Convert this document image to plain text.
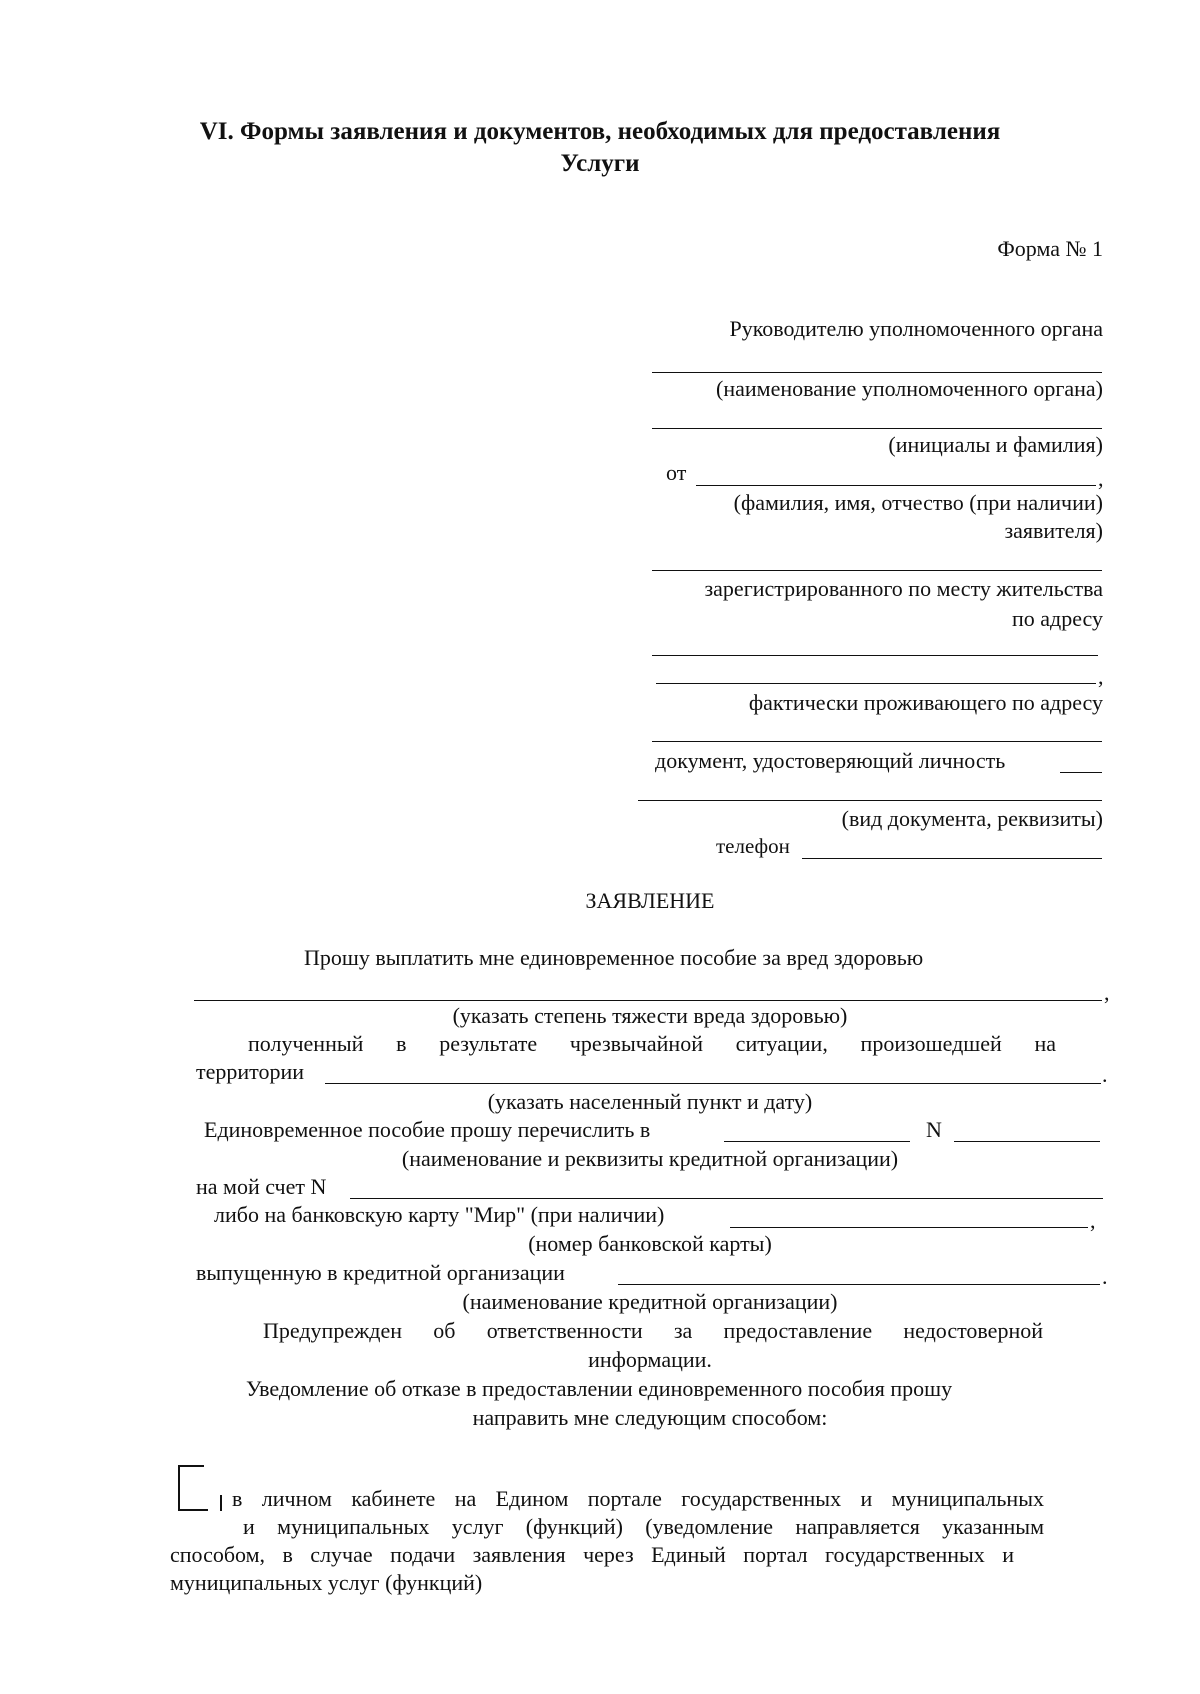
VI. Формы заявления и документов, необходимых для предоставления
Услуги
Форма № 1
Руководителю уполномоченного органа
(наименование уполномоченного органа)
(инициалы и фамилия)
от	,
(фамилия, имя, отчество (при наличии)
заявителя)
зарегистрированного по месту жительства
по адресу
,
фактически проживающего по адресу
документ, удостоверяющий личность
(вид документа, реквизиты)
телефон
ЗАЯВЛЕНИЕ
Прошу выплатить мне единовременное пособие за вред здоровью
,
(указать степень тяжести вреда здоровью)
полученный в результате чрезвычайной ситуации, произошедшей на
территории	.
(указать населенный пункт и дату)
Единовременное пособие прошу перечислить в	N
(наименование и реквизиты кредитной организации)
на мой счет N
либо на банковскую карту "Мир" (при наличии)	,
(номер банковской карты)
выпущенную в кредитной организации	.
(наименование кредитной организации)
Предупрежден об ответственности за предоставление недостоверной
информации.
Уведомление об отказе в предоставлении единовременного пособия прошу
направить мне следующим способом:
в личном кабинете на Едином портале государственных и муниципальных
и муниципальных услуг (функций) (уведомление направляется указанным
способом, в случае подачи заявления через Единый портал государственных и
муниципальных услуг (функций)
